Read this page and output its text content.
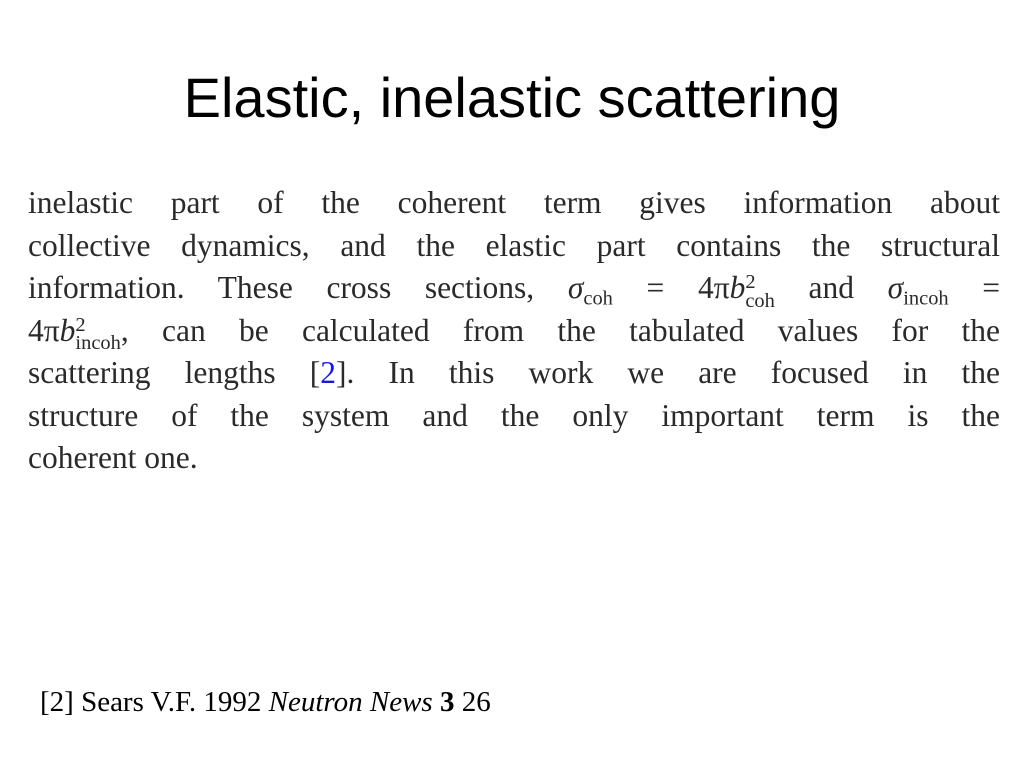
Elastic, inelastic scattering
inelastic part of the coherent term gives information about
collective dynamics, and the elastic part contains the structural
information. These cross sections, $\sigma_{coh} = 4\pi b$ 2
coh and $\sigma_{incoh}$ =
4πb 2
incoh , can be calculated from the tabulated values for the
scattering lengths [2]. In this work we are focused in the
structure of the system and the only important term is the
coherent one.

[2] Sears V.F. 1992 Neutron News 3 26
